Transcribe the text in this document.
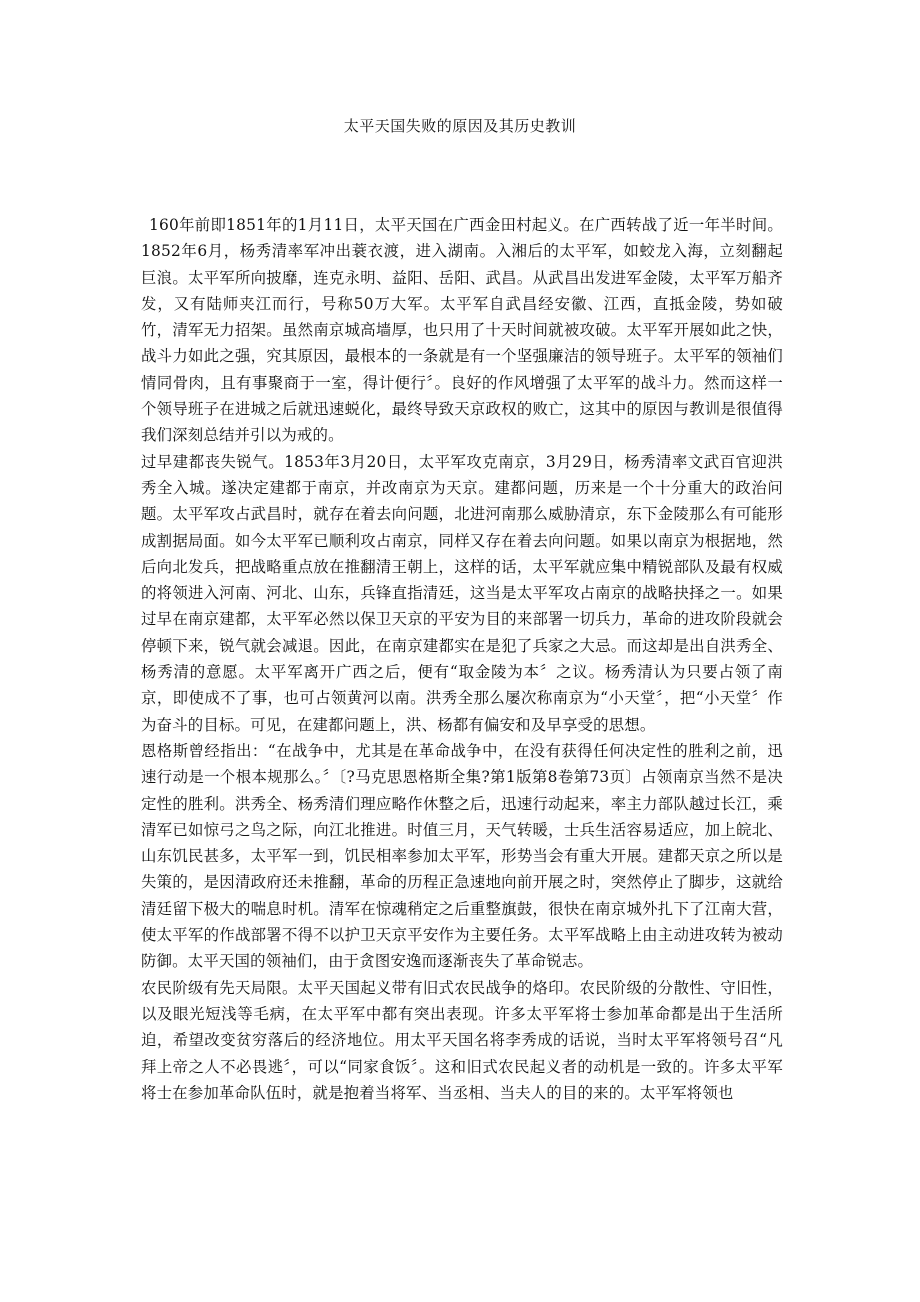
太平天国失败的原因及其历史教训

160年前即1851年的1月11日，太平天国在广西金田村起义。在广西转战了近一年半时间。1852年6月，杨秀清率军冲出蓑衣渡，进入湖南。入湘后的太平军，如蛟龙入海，立刻翻起巨浪。太平军所向披靡，连克永明、益阳、岳阳、武昌。从武昌出发进军金陵，太平军万船齐发，又有陆师夹江而行，号称50万大军。太平军自武昌经安徽、江西，直抵金陵，势如破竹，清军无力招架。虽然南京城高墙厚，也只用了十天时间就被攻破。太平军开展如此之快，战斗力如此之强，究其原因，最根本的一条就是有一个坚强廉洁的领导班子。太平军的领袖们情同骨肉，且有事聚商于一室，得计便行〞。良好的作风增强了太平军的战斗力。然而这样一个领导班子在进城之后就迅速蜕化，最终导致天京政权的败亡，这其中的原因与教训是很值得我们深刻总结并引以为戒的。

过早建都丧失锐气。1853年3月20日，太平军攻克南京，3月29日，杨秀清率文武百官迎洪秀全入城。遂决定建都于南京，并改南京为天京。建都问题，历来是一个十分重大的政治问题。太平军攻占武昌时，就存在着去向问题，北进河南那么威胁清京，东下金陵那么有可能形成割据局面。如今太平军已顺利攻占南京，同样又存在着去向问题。如果以南京为根据地，然后向北发兵，把战略重点放在推翻清王朝上，这样的话，太平军就应集中精锐部队及最有权威的将领进入河南、河北、山东，兵锋直指清廷，这当是太平军攻占南京的战略抉择之一。如果过早在南京建都，太平军必然以保卫天京的平安为目的来部署一切兵力，革命的进攻阶段就会停顿下来，锐气就会减退。因此，在南京建都实在是犯了兵家之大忌。而这却是出自洪秀全、杨秀清的意愿。太平军离开广西之后，便有“取金陵为本〞之议。杨秀清认为只要占领了南京，即使成不了事，也可占领黄河以南。洪秀全那么屡次称南京为“小天堂〞，把“小天堂〞作为奋斗的目标。可见，在建都问题上，洪、杨都有偏安和及早享受的思想。

恩格斯曾经指出：“在战争中，尤其是在革命战争中，在没有获得任何决定性的胜利之前，迅速行动是一个根本规那么。〞〔?马克思恩格斯全集?第1版第8卷第73页〕占领南京当然不是决定性的胜利。洪秀全、杨秀清们理应略作休整之后，迅速行动起来，率主力部队越过长江，乘清军已如惊弓之鸟之际，向江北推进。时值三月，天气转暖，士兵生活容易适应，加上皖北、山东饥民甚多，太平军一到，饥民相率参加太平军，形势当会有重大开展。建都天京之所以是失策的，是因清政府还未推翻，革命的历程正急速地向前开展之时，突然停止了脚步，这就给清廷留下极大的喘息时机。清军在惊魂稍定之后重整旗鼓，很快在南京城外扎下了江南大营，使太平军的作战部署不得不以护卫天京平安作为主要任务。太平军战略上由主动进攻转为被动防御。太平天国的领袖们，由于贪图安逸而逐渐丧失了革命锐志。

农民阶级有先天局限。太平天国起义带有旧式农民战争的烙印。农民阶级的分散性、守旧性，以及眼光短浅等毛病，在太平军中都有突出表现。许多太平军将士参加革命都是出于生活所迫，希望改变贫穷落后的经济地位。用太平天国名将李秀成的话说，当时太平军将领号召“凡拜上帝之人不必畏逃〞，可以“同家食饭〞。这和旧式农民起义者的动机是一致的。许多太平军将士在参加革命队伍时，就是抱着当将军、当丞相、当夫人的目的来的。太平军将领也
